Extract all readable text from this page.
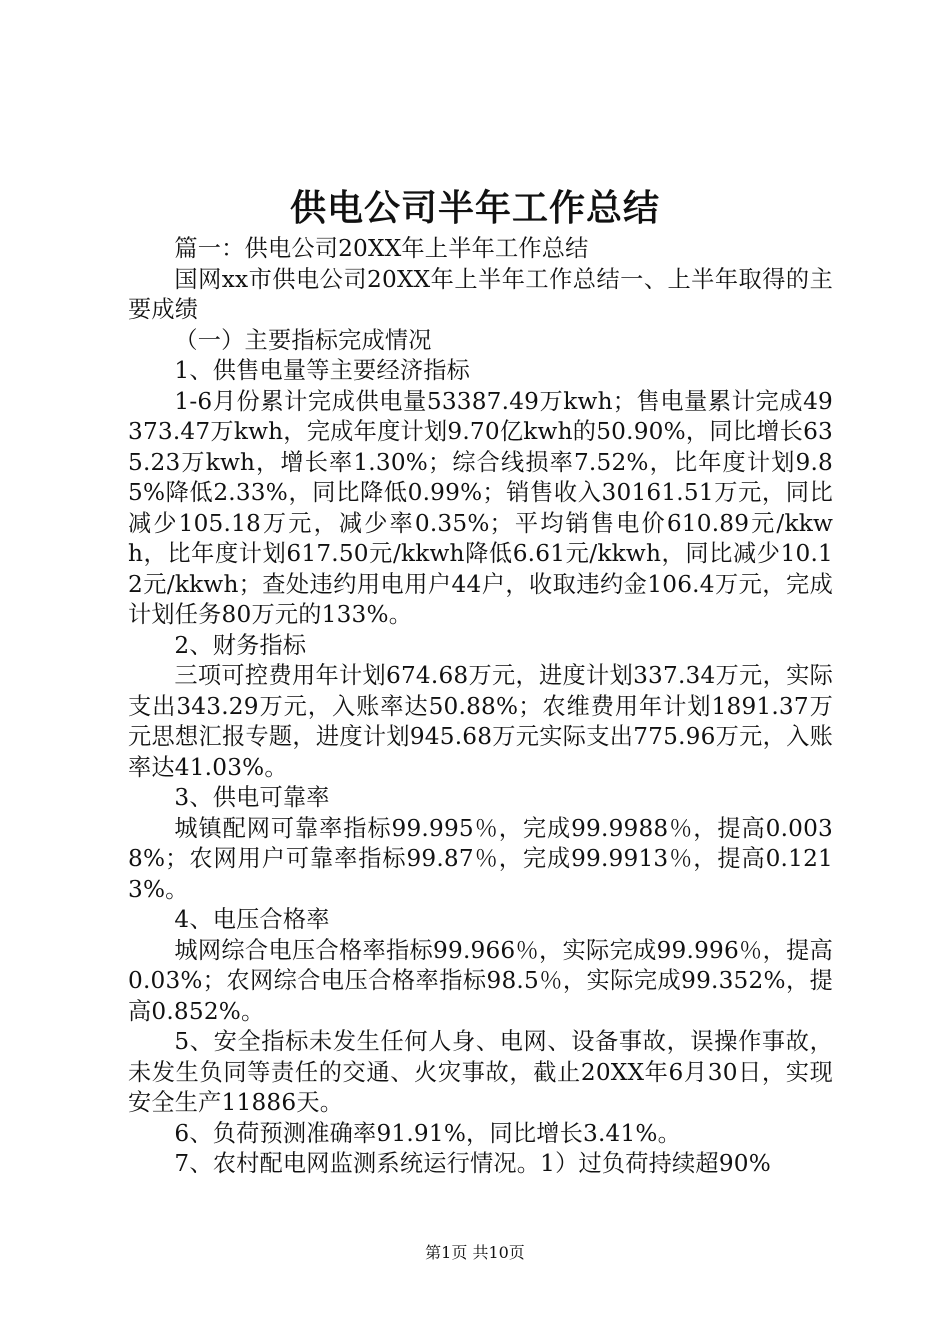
供电公司半年工作总结

篇一：供电公司20XX年上半年工作总结

国网xx市供电公司20XX年上半年工作总结一、上半年取得的主要成绩

（一）主要指标完成情况

1、供售电量等主要经济指标

1-6月份累计完成供电量53387.49万kwh；售电量累计完成49373.47万kwh，完成年度计划9.70亿kwh的50.90%，同比增长635.23万kwh，增长率1.30%；综合线损率7.52%，比年度计划9.85%降低2.33%，同比降低0.99%；销售收入30161.51万元，同比减少105.18万元，减少率0.35%；平均销售电价610.89元/kkwh，比年度计划617.50元/kkwh降低6.61元/kkwh，同比减少10.12元/kkwh；查处违约用电用户44户，收取违约金106.4万元，完成计划任务80万元的133%。

2、财务指标

三项可控费用年计划674.68万元，进度计划337.34万元，实际支出343.29万元，入账率达50.88%；农维费用年计划1891.37万元思想汇报专题，进度计划945.68万元实际支出775.96万元，入账率达41.03%。

3、供电可靠率

城镇配网可靠率指标99.995％，完成99.9988％，提高0.0038%；农网用户可靠率指标99.87％，完成99.9913％，提高0.1213%。

4、电压合格率

城网综合电压合格率指标99.966％，实际完成99.996％，提高0.03%；农网综合电压合格率指标98.5％，实际完成99.352%，提高0.852%。

5、安全指标未发生任何人身、电网、设备事故，误操作事故，未发生负同等责任的交通、火灾事故，截止20XX年6月30日，实现安全生产11886天。

6、负荷预测准确率91.91%，同比增长3.41%。

7、农村配电网监测系统运行情况。1）过负荷持续超90%

第1页 共10页
